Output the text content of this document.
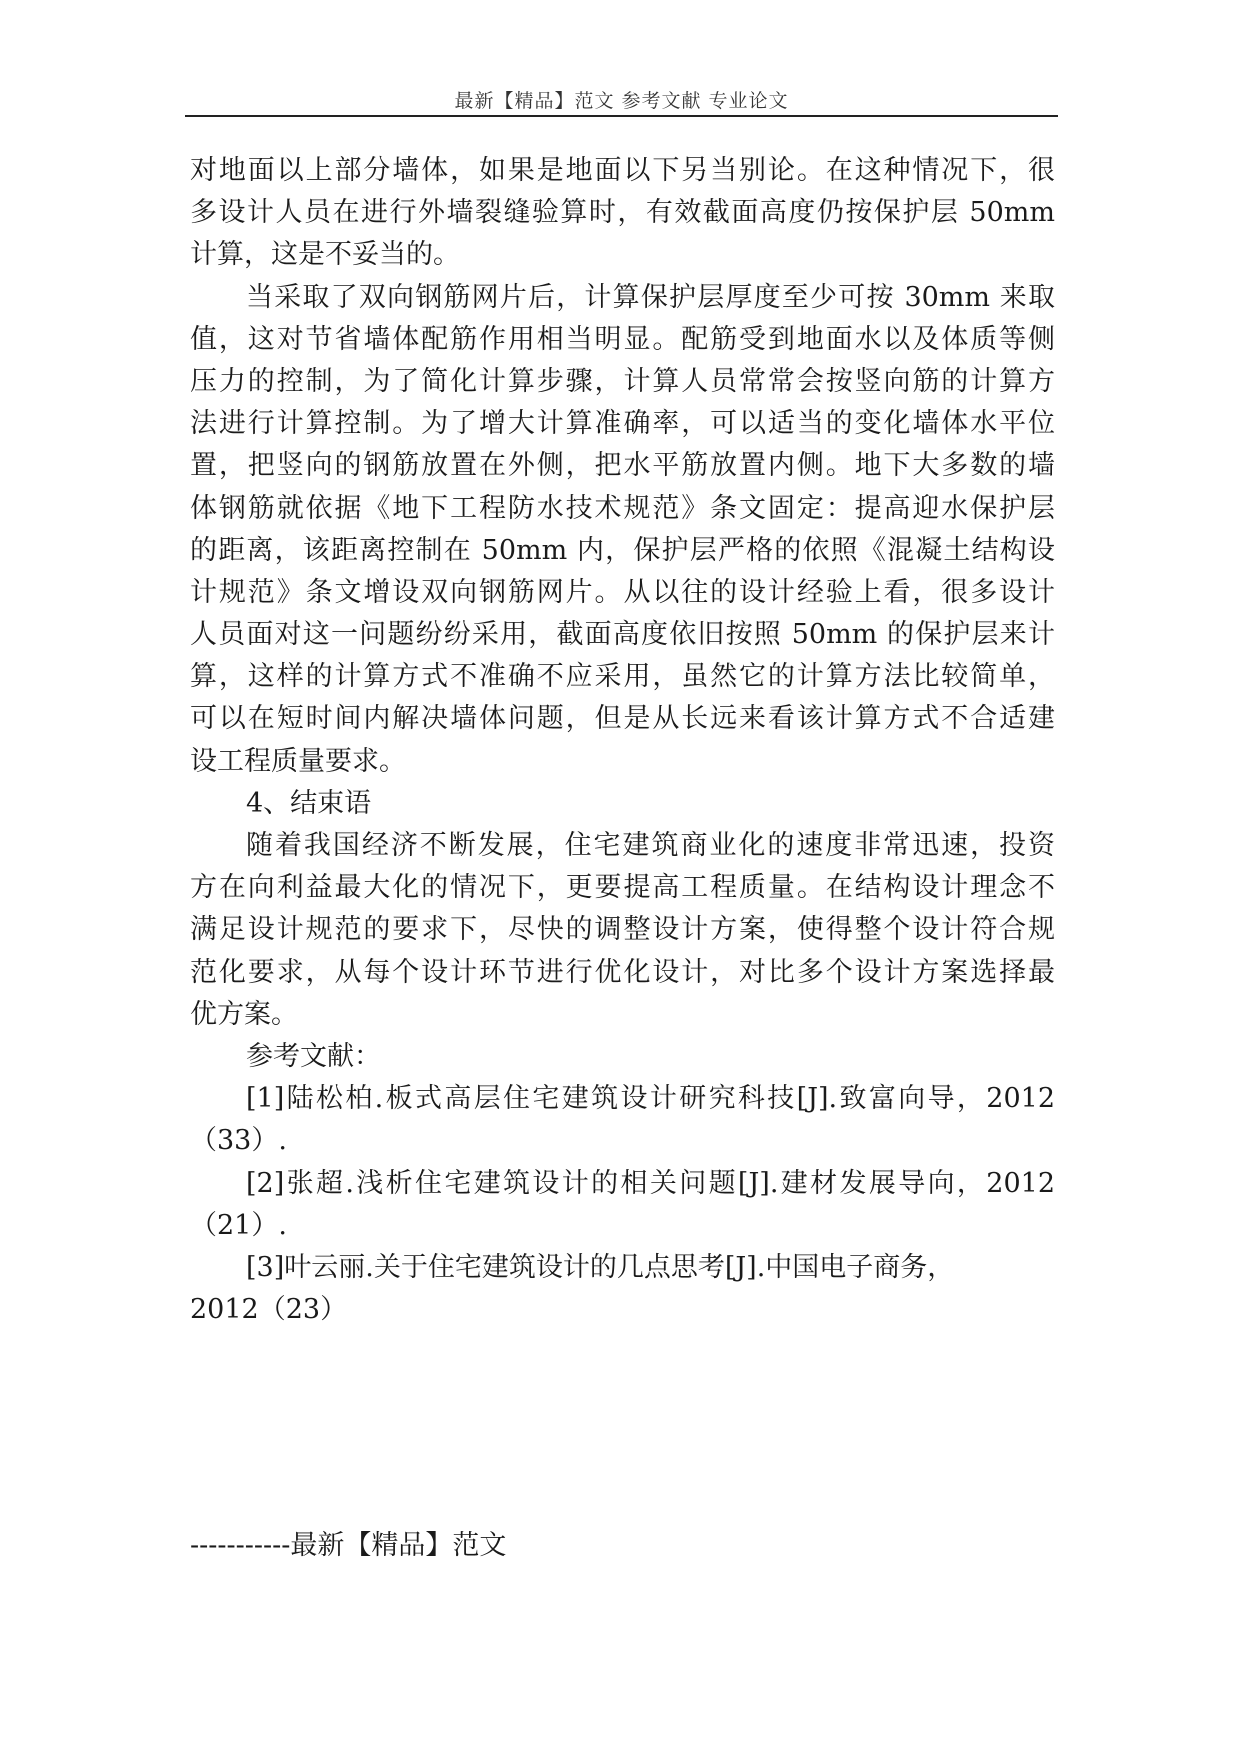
最新【精品】范文 参考文献 专业论文
对地面以上部分墙体，如果是地面以下另当别论。在这种情况下，很
多设计人员在进行外墙裂缝验算时，有效截面高度仍按保护层 50mm
计算，这是不妥当的。
当采取了双向钢筋网片后，计算保护层厚度至少可按 30mm 来取
值，这对节省墙体配筋作用相当明显。配筋受到地面水以及体质等侧
压力的控制，为了简化计算步骤，计算人员常常会按竖向筋的计算方
法进行计算控制。为了增大计算准确率，可以适当的变化墙体水平位
置，把竖向的钢筋放置在外侧，把水平筋放置内侧。地下大多数的墙
体钢筋就依据《地下工程防水技术规范》条文固定：提高迎水保护层
的距离，该距离控制在 50mm 内，保护层严格的依照《混凝土结构设
计规范》条文增设双向钢筋网片。从以往的设计经验上看，很多设计
人员面对这一问题纷纷采用，截面高度依旧按照 50mm 的保护层来计
算，这样的计算方式不准确不应采用，虽然它的计算方法比较简单，
可以在短时间内解决墙体问题，但是从长远来看该计算方式不合适建
设工程质量要求。
4、结束语
随着我国经济不断发展，住宅建筑商业化的速度非常迅速，投资
方在向利益最大化的情况下，更要提高工程质量。在结构设计理念不
满足设计规范的要求下，尽快的调整设计方案，使得整个设计符合规
范化要求，从每个设计环节进行优化设计，对比多个设计方案选择最
优方案。
参考文献：
[1]陆松柏.板式高层住宅建筑设计研究科技[J].致富向导，2012
（33）.
[2]张超.浅析住宅建筑设计的相关问题[J].建材发展导向，2012
（21）.
[3]叶云丽.关于住宅建筑设计的几点思考[J].中国电子商务，
2012（23）
-----------最新【精品】范文
